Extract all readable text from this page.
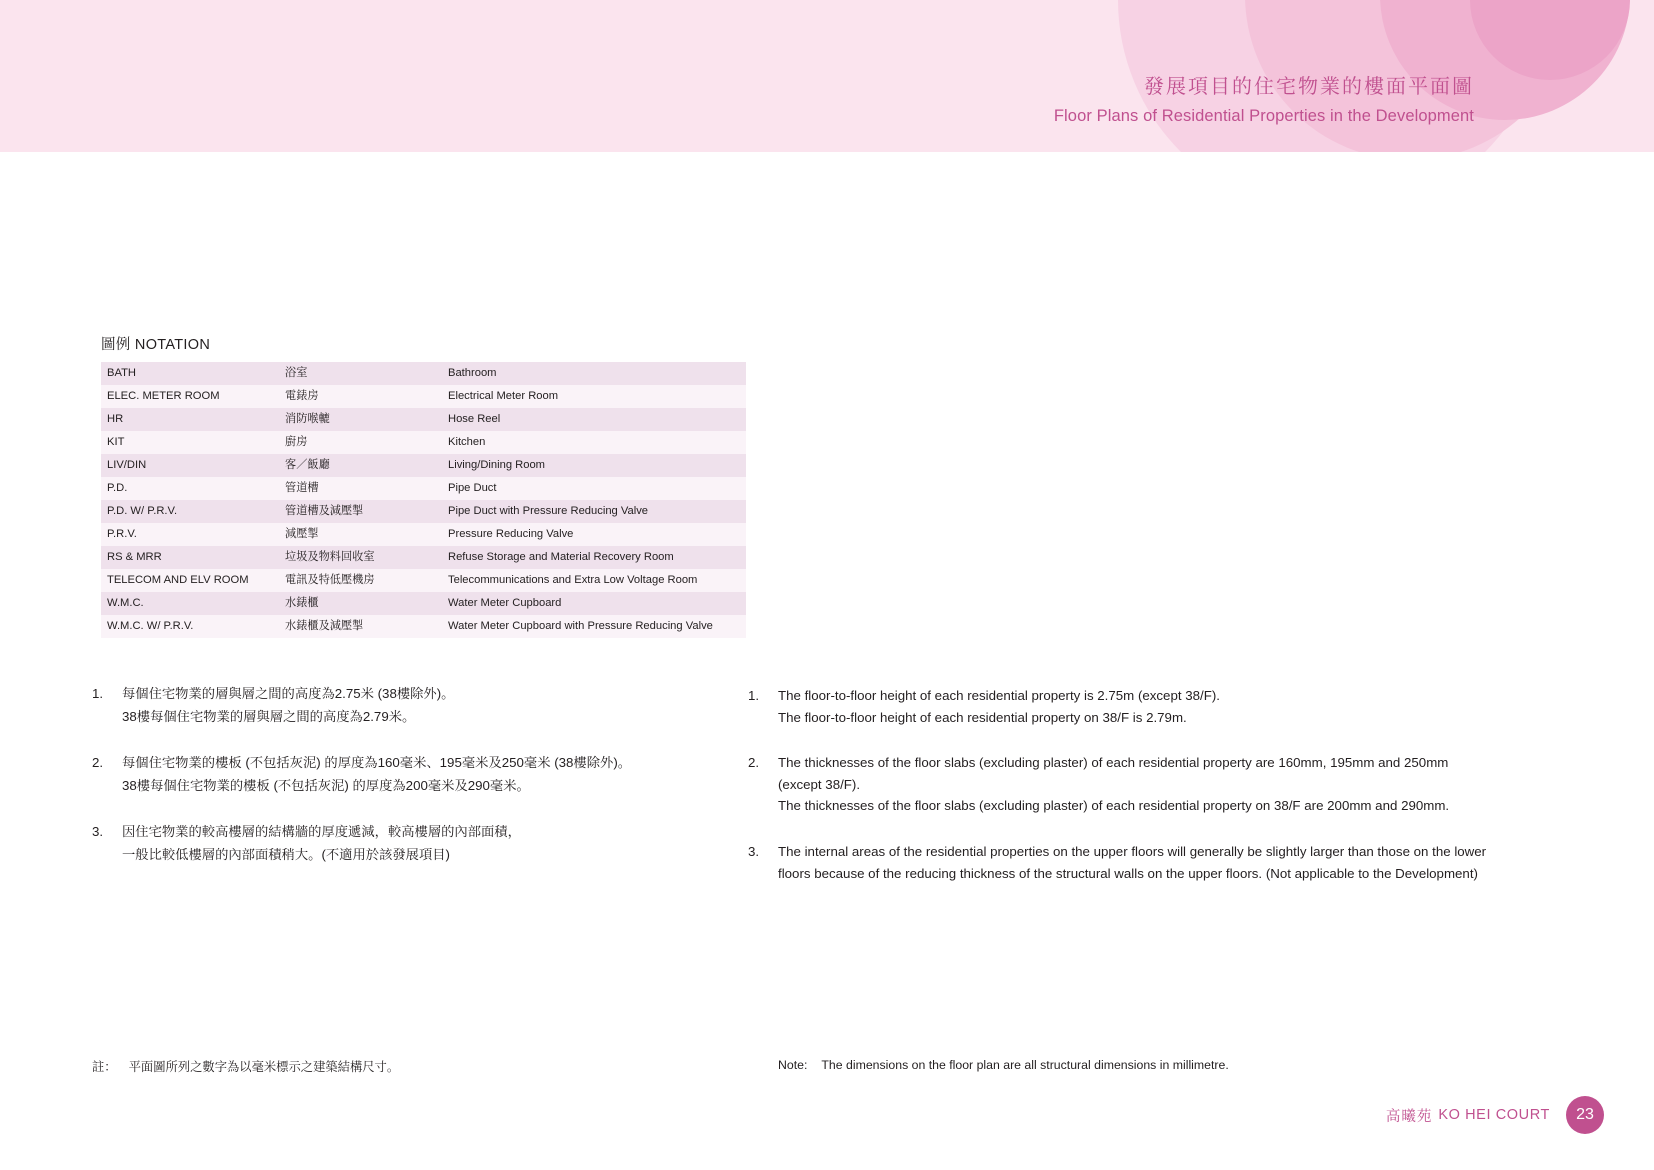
發展項目的住宅物業的樓面平面圖
Floor Plans of Residential Properties in the Development
圖例 NOTATION
BATH	浴室	Bathroom
ELEC. METER ROOM	電錶房	Electrical Meter Room
HR	消防喉轆	Hose Reel
KIT	廚房	Kitchen
LIV/DIN	客／飯廳	Living/Dining Room
P.D.	管道槽	Pipe Duct
P.D. W/ P.R.V.	管道槽及減壓掣	Pipe Duct with Pressure Reducing Valve
P.R.V.	減壓掣	Pressure Reducing Valve
RS & MRR	垃圾及物料回收室	Refuse Storage and Material Recovery Room
TELECOM AND ELV ROOM	電訊及特低壓機房	Telecommunications and Extra Low Voltage Room
W.M.C.	水錶櫃	Water Meter Cupboard
W.M.C. W/ P.R.V.	水錶櫃及減壓掣	Water Meter Cupboard with Pressure Reducing Valve
1.	每個住宅物業的層與層之間的高度為2.75米 (38樓除外)。

38樓每個住宅物業的層與層之間的高度為2.79米。

2.	每個住宅物業的樓板 (不包括灰泥) 的厚度為160毫米、195毫米及250毫米 (38樓除外)。

38樓每個住宅物業的樓板 (不包括灰泥) 的厚度為200毫米及290毫米。

3.	因住宅物業的較高樓層的結構牆的厚度遞減，較高樓層的內部面積，

一般比較低樓層的內部面積稍大。(不適用於該發展項目)

1.	The floor-to-floor height of each residential property is 2.75m (except 38/F).

The floor-to-floor height of each residential property on 38/F is 2.79m.

2.	The thicknesses of the floor slabs (excluding plaster) of each residential property are 160mm, 195mm and 250mm

(except 38/F).

The thicknesses of the floor slabs (excluding plaster) of each residential property on 38/F are 200mm and 290mm.

3.	The internal areas of the residential properties on the upper floors will generally be slightly larger than those on the lower

floors because of the reducing thickness of the structural walls on the upper floors. (Not applicable to the Development)

註： 平面圖所列之數字為以毫米標示之建築結構尺寸。	Note: The dimensions on the floor plan are all structural dimensions in millimetre.
高曦苑 KO HEI COURT	23
